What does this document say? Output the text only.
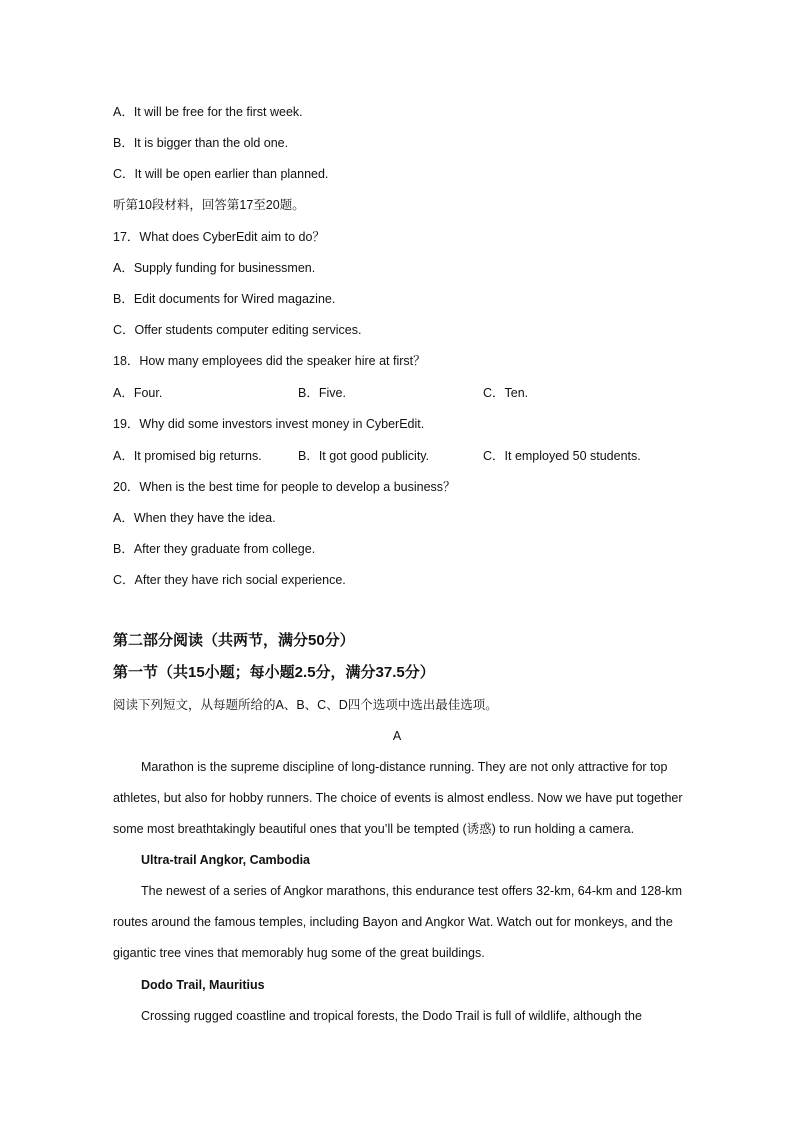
A．It will be free for the first week.
B．It is bigger than the old one.
C．It will be open earlier than planned.
听第10段材料，回答第17至20题。
17．What does CyberEdit aim to do？
A．Supply funding for businessmen.
B．Edit documents for Wired magazine.
C．Offer students computer editing services.
18．How many employees did the speaker hire at first？
A．Four.	B．Five.	C．Ten.
19．Why did some investors invest money in CyberEdit.
A．It promised big returns.	B．It got good publicity.	C．It employed 50 students.
20．When is the best time for people to develop a business？
A．When they have the idea.
B．After they graduate from college.
C．After they have rich social experience.
第二部分阅读（共两节，满分50分）
第一节（共15小题；每小题2.5分，满分37.5分）
阅读下列短文，从每题所给的A、B、C、D四个选项中选出最佳选项。
A
Marathon is the supreme discipline of long-distance running. They are not only attractive for top athletes, but also for hobby runners. The choice of events is almost endless. Now we have put together some most breathtakingly beautiful ones that you’ll be tempted (诱惑) to run holding a camera.
Ultra-trail Angkor, Cambodia
The newest of a series of Angkor marathons, this endurance test offers 32-km, 64-km and 128-km routes around the famous temples, including Bayon and Angkor Wat. Watch out for monkeys, and the gigantic tree vines that memorably hug some of the great buildings.
Dodo Trail, Mauritius
Crossing rugged coastline and tropical forests, the Dodo Trail is full of wildlife, although the
